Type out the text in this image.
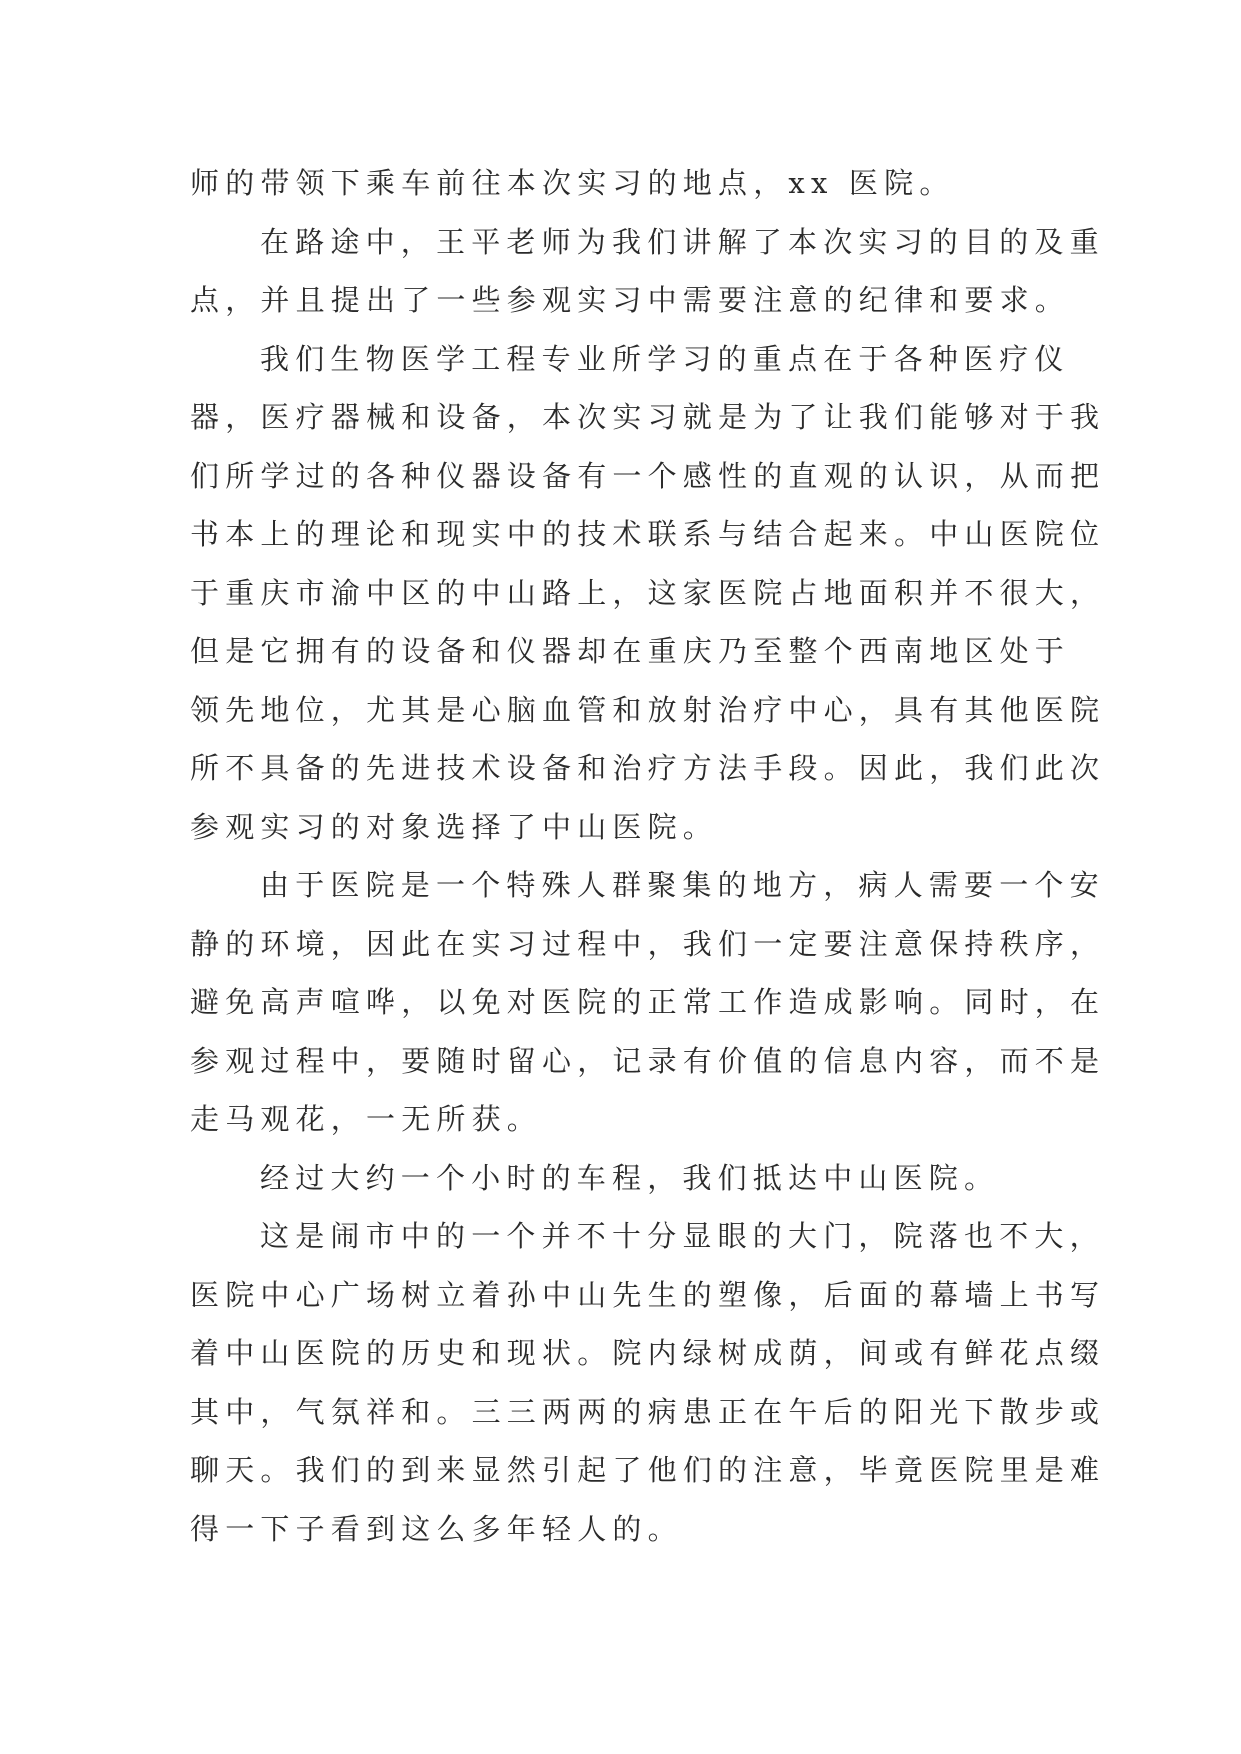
师的带领下乘车前往本次实习的地点，xx 医院。
在路途中，王平老师为我们讲解了本次实习的目的及重
点，并且提出了一些参观实习中需要注意的纪律和要求。
我们生物医学工程专业所学习的重点在于各种医疗仪
器，医疗器械和设备，本次实习就是为了让我们能够对于我
们所学过的各种仪器设备有一个感性的直观的认识，从而把
书本上的理论和现实中的技术联系与结合起来。中山医院位
于重庆市渝中区的中山路上，这家医院占地面积并不很大，
但是它拥有的设备和仪器却在重庆乃至整个西南地区处于
领先地位，尤其是心脑血管和放射治疗中心，具有其他医院
所不具备的先进技术设备和治疗方法手段。因此，我们此次
参观实习的对象选择了中山医院。
由于医院是一个特殊人群聚集的地方，病人需要一个安
静的环境，因此在实习过程中，我们一定要注意保持秩序，
避免高声喧哗，以免对医院的正常工作造成影响。同时，在
参观过程中，要随时留心，记录有价值的信息内容，而不是
走马观花，一无所获。
经过大约一个小时的车程，我们抵达中山医院。
这是闹市中的一个并不十分显眼的大门，院落也不大，
医院中心广场树立着孙中山先生的塑像，后面的幕墙上书写
着中山医院的历史和现状。院内绿树成荫，间或有鲜花点缀
其中，气氛祥和。三三两两的病患正在午后的阳光下散步或
聊天。我们的到来显然引起了他们的注意，毕竟医院里是难
得一下子看到这么多年轻人的。
